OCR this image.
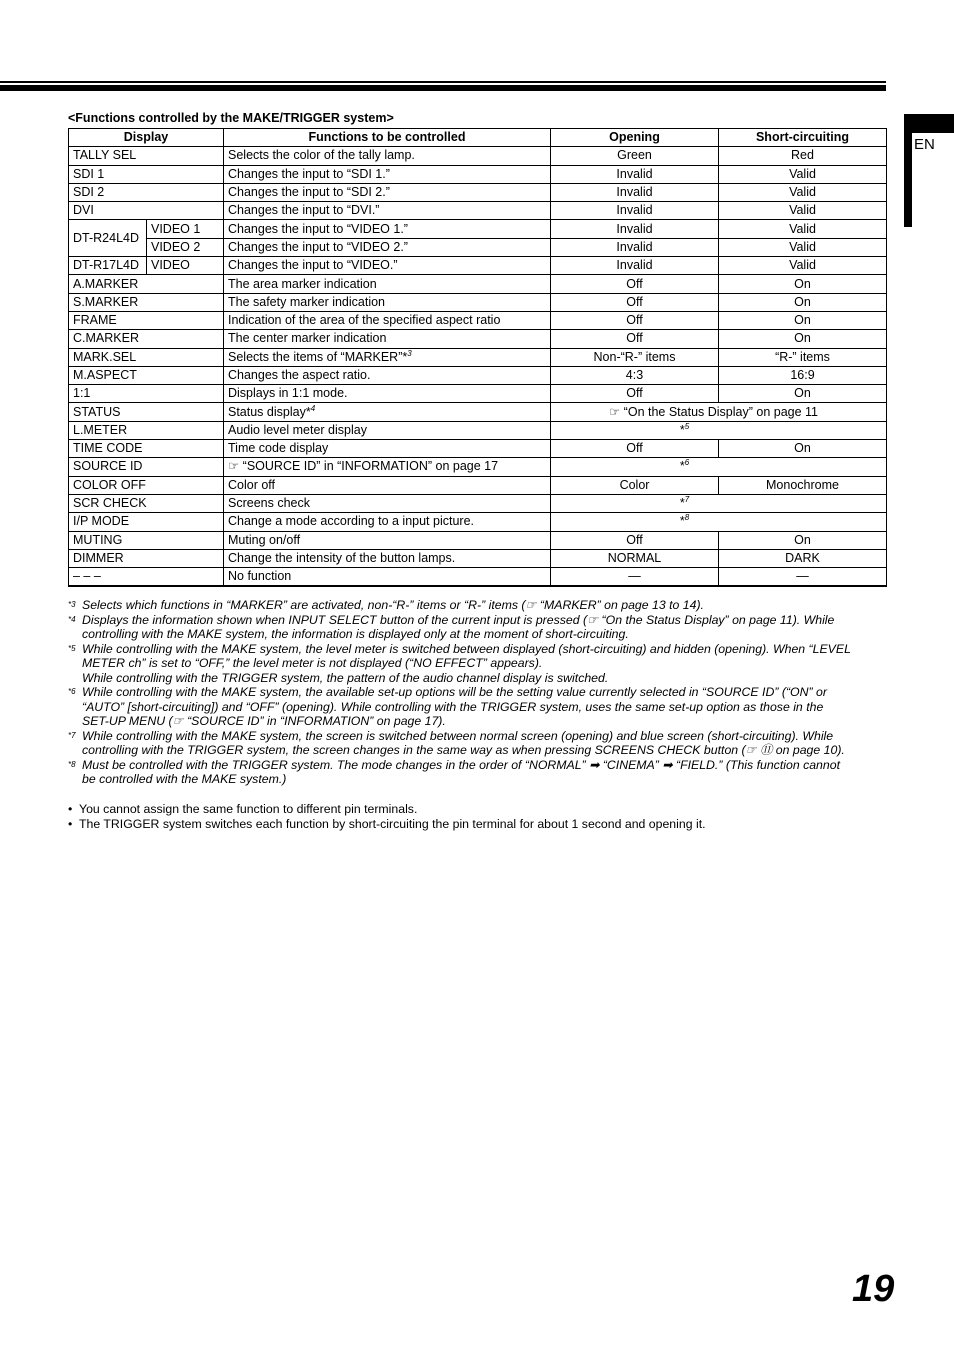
EN
<Functions controlled by the MAKE/TRIGGER system>
Display		Functions to be controlled	Opening	Short-circuiting
TALLY SEL		Selects the color of the tally lamp.	Green	Red
SDI 1		Changes the input to “SDI 1.”	Invalid	Valid
SDI 2		Changes the input to “SDI 2.”	Invalid	Valid
DVI		Changes the input to “DVI.”	Invalid	Valid
DT-R24L4D	VIDEO 1	Changes the input to “VIDEO 1.”	Invalid	Valid
	VIDEO 2	Changes the input to “VIDEO 2.”	Invalid	Valid
DT-R17L4D	VIDEO	Changes the input to “VIDEO.”	Invalid	Valid
A.MARKER		The area marker indication	Off	On
S.MARKER		The safety marker indication	Off	On
FRAME		Indication of the area of the specified aspect ratio	Off	On
C.MARKER		The center marker indication	Off	On
MARK.SEL		Selects the items of “MARKER”*$^3$	Non-“R-” items	“R-” items
M.ASPECT		Changes the aspect ratio.	4:3	16:9
1:1		Displays in 1:1 mode.	Off	On
STATUS		Status display*$^4$	☞ “On the Status Display” on page 11	
L.METER		Audio level meter display	*$^5$
TIME CODE		Time code display	Off	On
SOURCE ID		☞ “SOURCE ID” in “INFORMATION” on page 17	*$^6$
COLOR OFF		Color off	Color	Monochrome
SCR CHECK		Screens check	*$^7$
I/P MODE		Change a mode according to a input picture.	*$^8$
MUTING		Muting on/off	Off	On
DIMMER		Change the intensity of the button lamps.	NORMAL	DARK
– – –		No function	—	—
*3 Selects which functions in “MARKER” are activated, non-“R-” items or “R-” items (☞ “MARKER” on page 13 to 14).
*4 Displays the information shown when INPUT SELECT button of the current input is pressed (☞ “On the Status Display” on page 11). While
controlling with the MAKE system, the information is displayed only at the moment of short-circuiting.
*5 While controlling with the MAKE system, the level meter is switched between displayed (short-circuiting) and hidden (opening). When “LEVEL
METER ch” is set to “OFF,” the level meter is not displayed (“NO EFFECT” appears).
While controlling with the TRIGGER system, the pattern of the audio channel display is switched.
*6 While controlling with the MAKE system, the available set-up options will be the setting value currently selected in “SOURCE ID” (“ON” or
“AUTO” [short-circuiting]) and “OFF” (opening). While controlling with the TRIGGER system, uses the same set-up option as those in the
SET-UP MENU (☞ “SOURCE ID” in “INFORMATION” on page 17).
*7 While controlling with the MAKE system, the screen is switched between normal screen (opening) and blue screen (short-circuiting). While
controlling with the TRIGGER system, the screen changes in the same way as when pressing SCREENS CHECK button (☞ ⑪ on page 10).
*8 Must be controlled with the TRIGGER system. The mode changes in the order of “NORMAL” ➡ “CINEMA” ➡ “FIELD.” (This function cannot
be controlled with the MAKE system.)
• You cannot assign the same function to different pin terminals.
• The TRIGGER system switches each function by short-circuiting the pin terminal for about 1 second and opening it.
19
